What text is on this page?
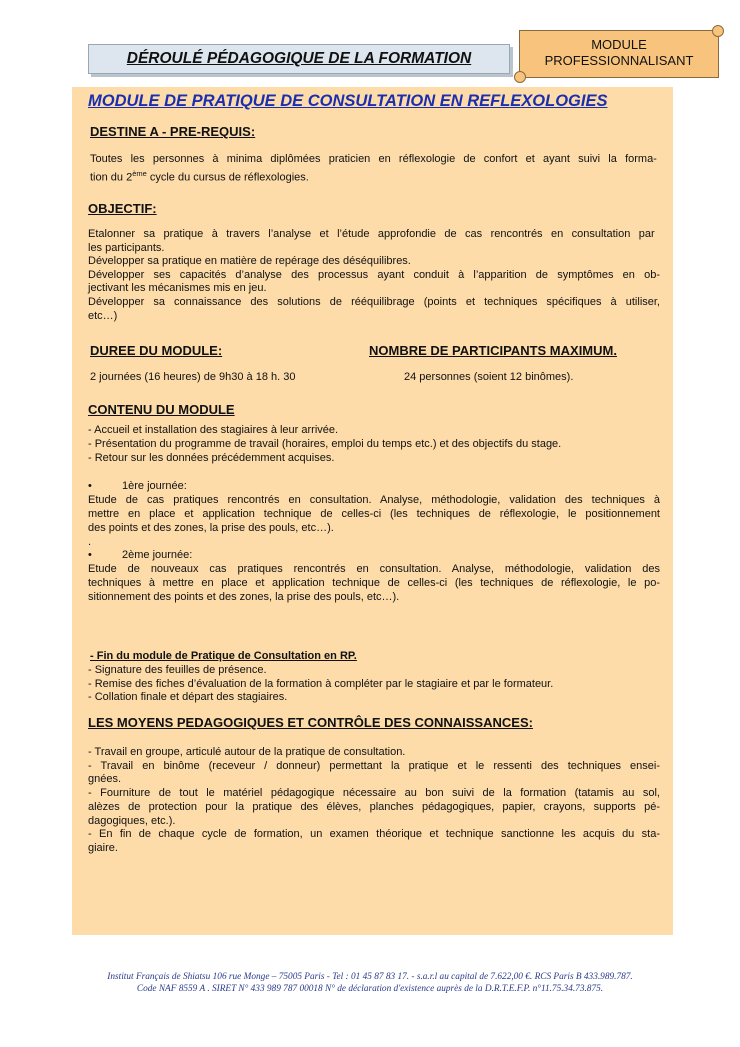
DÉROULÉ PÉDAGOGIQUE DE LA FORMATION
MODULE
PROFESSIONNALISANT
MODULE DE PRATIQUE DE CONSULTATION EN REFLEXOLOGIES
DESTINE A - PRE-REQUIS:
Toutes les personnes à minima diplômées praticien en réflexologie de confort et ayant suivi la forma-
tion du 2ème cycle du cursus de réflexologies.
OBJECTIF:
Etalonner sa pratique à travers l’analyse et l’étude approfondie de cas rencontrés en consultation par
les participants.
Développer sa pratique en matière de repérage des déséquilibres.
Développer ses capacités d’analyse des processus ayant conduit à l’apparition de symptômes en ob-
jectivant les mécanismes mis en jeu.
Développer sa connaissance des solutions de rééquilibrage (points et techniques spécifiques à utiliser,
etc…)
DUREE DU MODULE:	NOMBRE DE PARTICIPANTS MAXIMUM.
2 journées (16 heures) de 9h30 à 18 h. 30	24 personnes (soient 12 binômes).
CONTENU DU MODULE
- Accueil et installation des stagiaires à leur arrivée.
- Présentation du programme de travail (horaires, emploi du temps etc.) et des objectifs du stage.
- Retour sur les données précédemment acquises.
•	1ère journée:
Etude de cas pratiques rencontrés en consultation. Analyse, méthodologie, validation des techniques à
mettre en place et application technique de celles-ci (les techniques de réflexologie, le positionnement
des points et des zones, la prise des pouls, etc…).
.
•	2ème journée:
Etude de nouveaux cas pratiques rencontrés en consultation. Analyse, méthodologie, validation des
techniques à mettre en place et application technique de celles-ci (les techniques de réflexologie, le po-
sitionnement des points et des zones, la prise des pouls, etc…).
- Fin du module de Pratique de Consultation en RP.
- Signature des feuilles de présence.
- Remise des fiches d’évaluation de la formation à compléter par le stagiaire et par le formateur.
- Collation finale et départ des stagiaires.
LES MOYENS PEDAGOGIQUES ET CONTRÔLE DES CONNAISSANCES:
- Travail en groupe, articulé autour de la pratique de consultation.
- Travail en binôme (receveur / donneur) permettant la pratique et le ressenti des techniques ensei-
gnées.
- Fourniture de tout le matériel pédagogique nécessaire au bon suivi de la formation (tatamis au sol,
alèzes de protection pour la pratique des élèves, planches pédagogiques, papier, crayons, supports pé-
dagogiques, etc.).
- En fin de chaque cycle de formation, un examen théorique et technique sanctionne les acquis du sta-
giaire.
Institut Français de Shiatsu 106 rue Monge – 75005 Paris - Tel : 01 45 87 83 17. - s.a.r.l au capital de 7.622,00 €. RCS Paris B 433.989.787.
Code NAF 8559 A . SIRET N° 433 989 787 00018 N° de déclaration d'existence auprès de la D.R.T.E.F.P. n°11.75.34.73.875.
